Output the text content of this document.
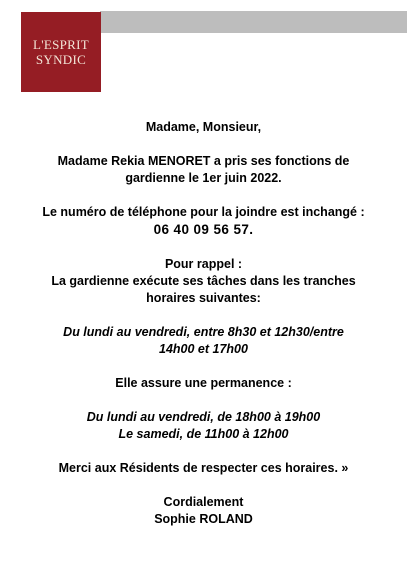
L'ESPRIT
SYNDIC

Madame, Monsieur,

Madame Rekia MENORET a pris ses fonctions de
gardienne le 1er juin 2022.

Le numéro de téléphone pour la joindre est inchangé :
06 40 09 56 57.

Pour rappel :
La gardienne exécute ses tâches dans les tranches
horaires suivantes:

Du lundi au vendredi, entre 8h30 et 12h30/entre
14h00 et 17h00

Elle assure une permanence :

Du lundi au vendredi, de 18h00 à 19h00
Le samedi, de 11h00 à 12h00

Merci aux Résidents de respecter ces horaires. »

Cordialement
Sophie ROLAND
